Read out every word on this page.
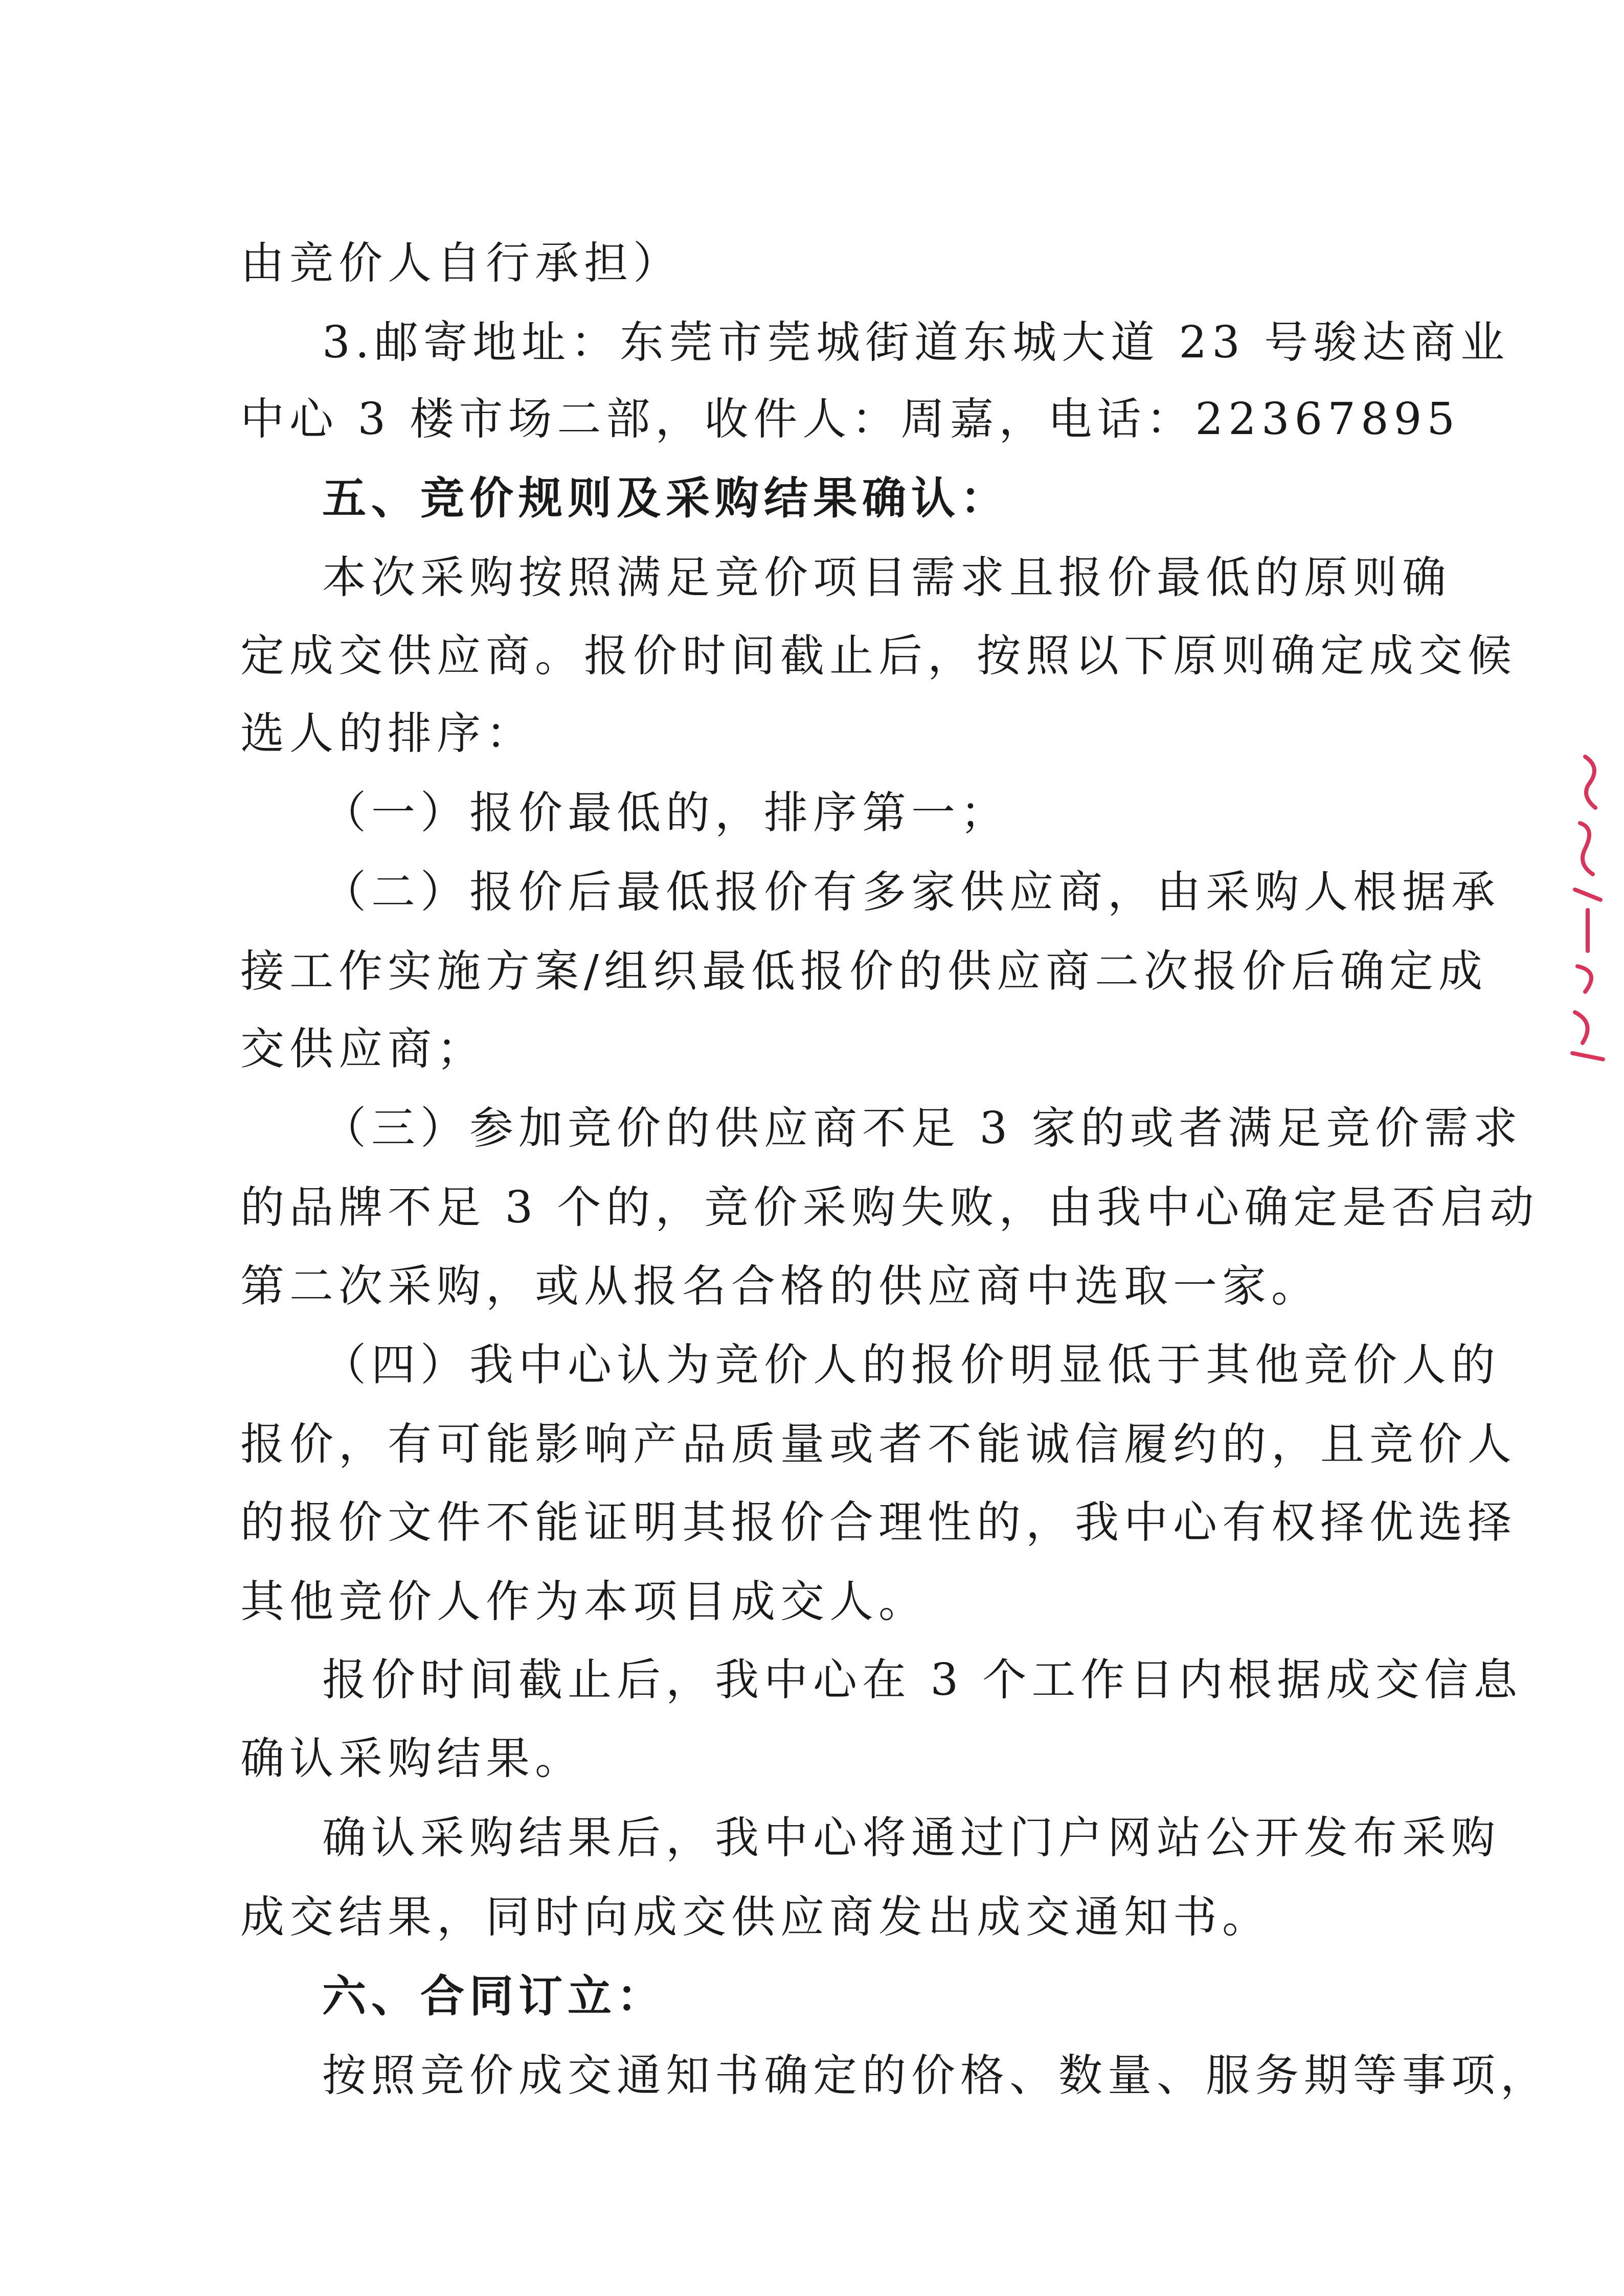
由竞价人自行承担）
3.邮寄地址：东莞市莞城街道东城大道 23 号骏达商业
中心 3 楼市场二部，收件人：周嘉，电话：22367895
五、竞价规则及采购结果确认：
本次采购按照满足竞价项目需求且报价最低的原则确
定成交供应商。报价时间截止后，按照以下原则确定成交候
选人的排序：
（一）报价最低的，排序第一；
（二）报价后最低报价有多家供应商，由采购人根据承
接工作实施方案/组织最低报价的供应商二次报价后确定成
交供应商；
（三）参加竞价的供应商不足 3 家的或者满足竞价需求
的品牌不足 3 个的，竞价采购失败，由我中心确定是否启动
第二次采购，或从报名合格的供应商中选取一家。
（四）我中心认为竞价人的报价明显低于其他竞价人的
报价，有可能影响产品质量或者不能诚信履约的，且竞价人
的报价文件不能证明其报价合理性的，我中心有权择优选择
其他竞价人作为本项目成交人。
报价时间截止后，我中心在 3 个工作日内根据成交信息
确认采购结果。
确认采购结果后，我中心将通过门户网站公开发布采购
成交结果，同时向成交供应商发出成交通知书。
六、合同订立：
按照竞价成交通知书确定的价格、数量、服务期等事项，
